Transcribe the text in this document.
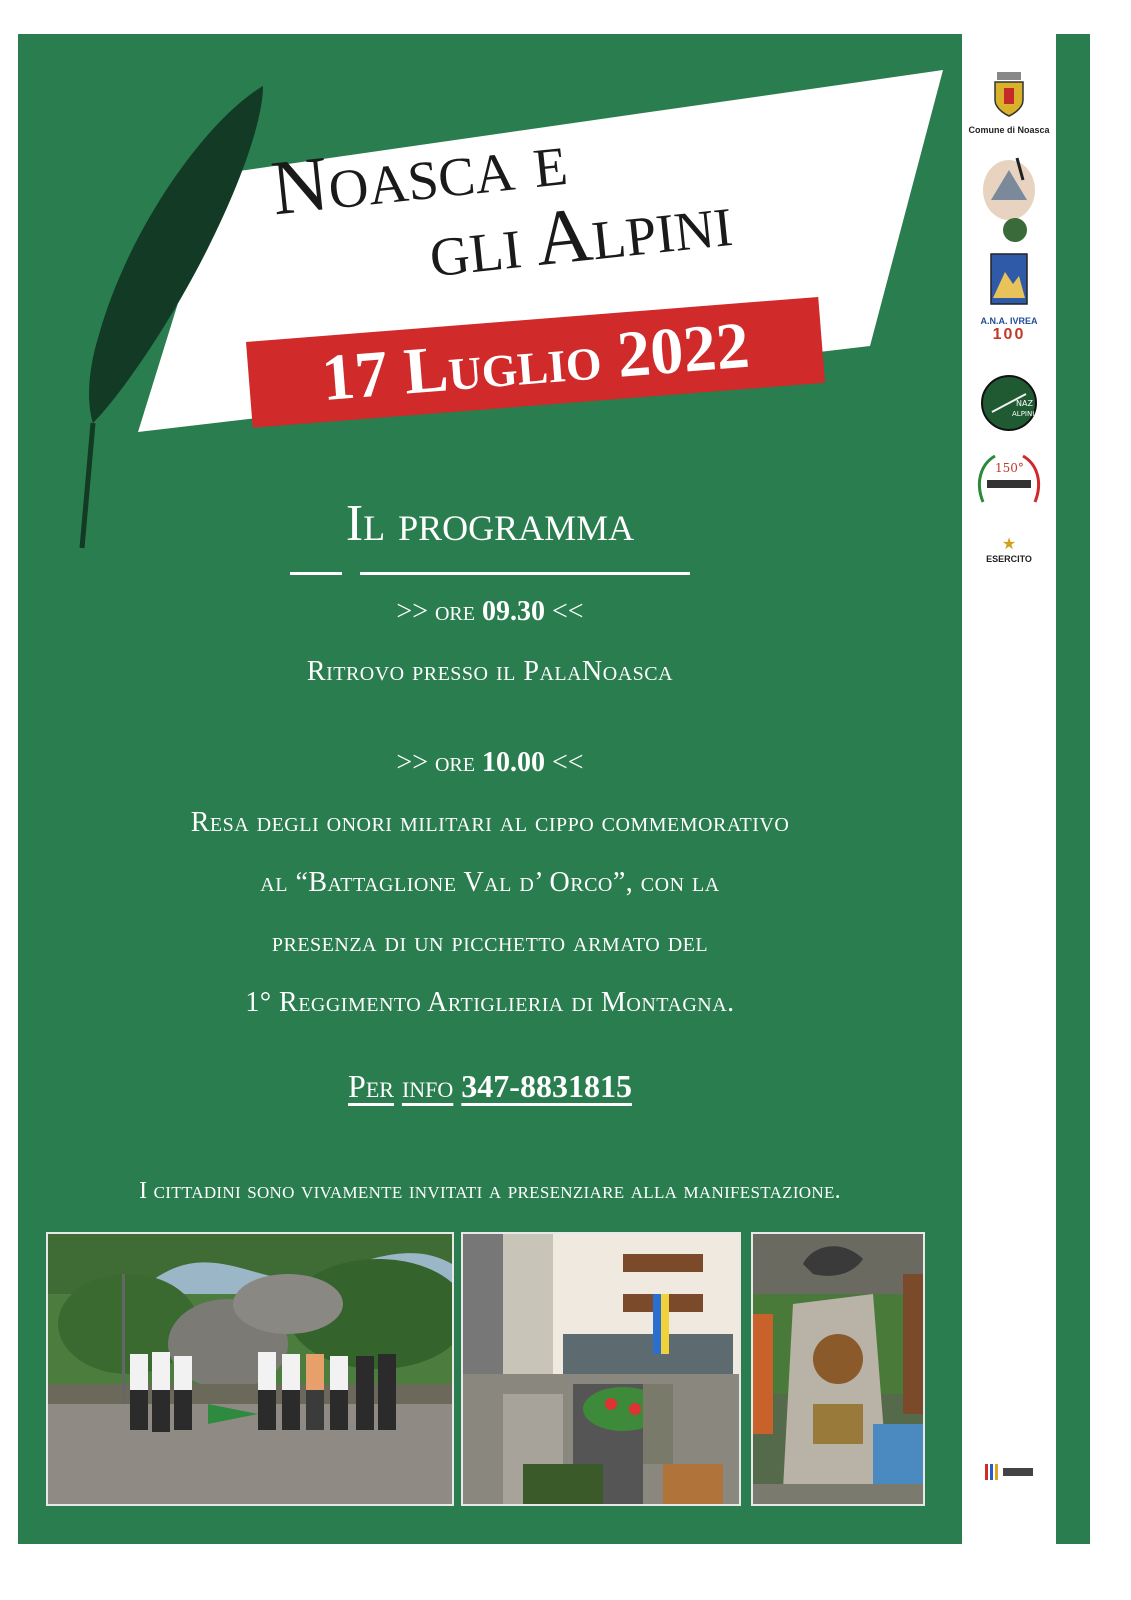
Noasca e
gli Alpini
17 Luglio 2022
Il programma
>> ore 09.30 <<
Ritrovo presso il PalaNoasca
>> ore 10.00 <<
Resa degli onori militari al cippo commemorativo
al “Battaglione Val d’ Orco”, con la
presenza di un picchetto armato del
1° Reggimento Artiglieria di Montagna.
Per info 347-8831815
I cittadini sono vivamente invitati a presenziare alla manifestazione.
Comune di Noasca
A.N.A. IVREA
100
NAZ
ALPINI
150°
★
ESERCITO
